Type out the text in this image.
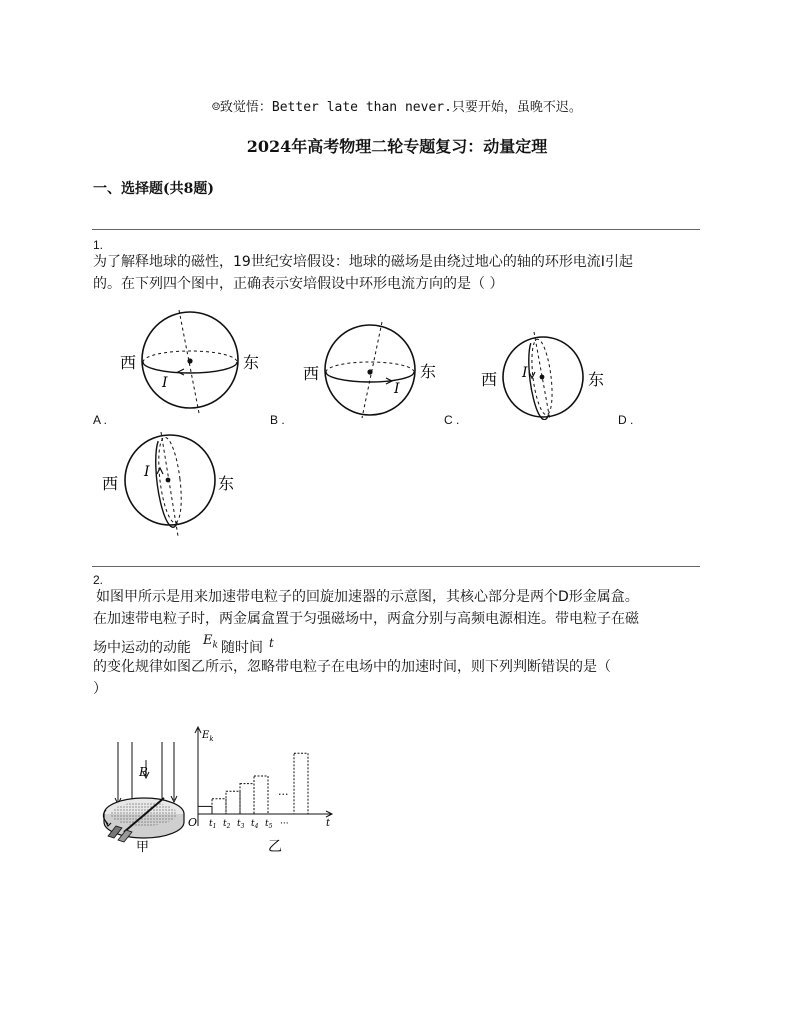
☺致觉悟：Better late than never.只要开始，虽晚不迟。
2024年高考物理二轮专题复习：动量定理
一、选择题(共8题)
1.
为了解释地球的磁性，19世纪安培假设：地球的磁场是由绕过地心的轴的环形电流I引起
的。在下列四个图中，正确表示安培假设中环形电流方向的是（ ）
西	东
I
A .
西	东
I
B .
西	东
I
C .	D .
西	东
I
2.
如图甲所示是用来加速带电粒子的回旋加速器的示意图，其核心部分是两个D形金属盒。
在加速带电粒子时，两金属盒置于匀强磁场中，两盒分别与高频电源相连。带电粒子在磁
场中运动的动能 $E_k$ 随时间 t
的变化规律如图乙所示，忽略带电粒子在电场中的加速时间，则下列判断错误的是（
）
B
甲
$E_k$
t
O $t_1$ $t_2$ $t_3$ $t_4$ $t_5$
···
···
乙
